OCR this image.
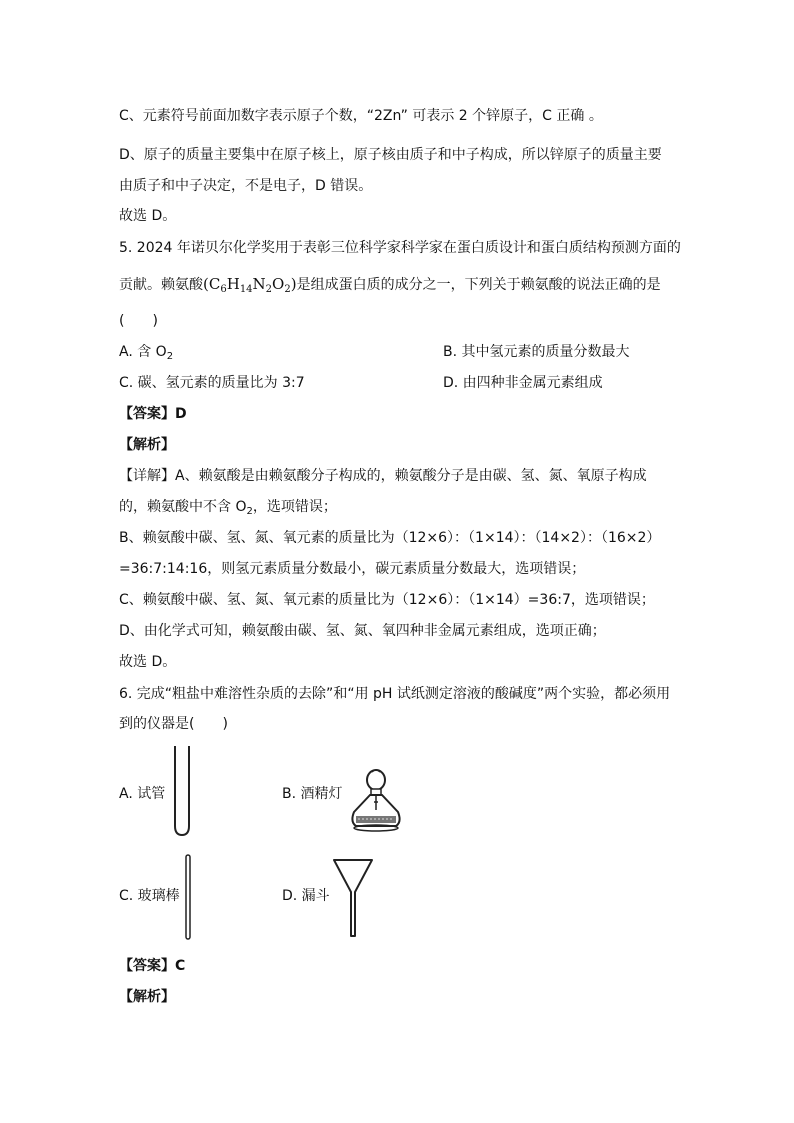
C、元素符号前面加数字表示原子个数，“2Zn” 可表示 2 个锌原子，C 正确 。
D、原子的质量主要集中在原子核上，原子核由质子和中子构成，所以锌原子的质量主要
由质子和中子决定，不是电子，D 错误。
故选 D。
5. 2024 年诺贝尔化学奖用于表彰三位科学家科学家在蛋白质设计和蛋白质结构预测方面的
贡献。赖氨酸$(C_6H_{14}N_2O_2)$是组成蛋白质的成分之一，下列关于赖氨酸的说法正确的是
(　　)
A. 含 $O_2$	B. 其中氢元素的质量分数最大
C. 碳、氢元素的质量比为 3:7	D. 由四种非金属元素组成
【答案】D
【解析】
【详解】A、赖氨酸是由赖氨酸分子构成的，赖氨酸分子是由碳、氢、氮、氧原子构成
的，赖氨酸中不含 $O_2$，选项错误；
B、赖氨酸中碳、氢、氮、氧元素的质量比为（12×6）：（1×14）：（14×2）：（16×2）
=36:7:14:16，则氢元素质量分数最小，碳元素质量分数最大，选项错误；
C、赖氨酸中碳、氢、氮、氧元素的质量比为（12×6）：（1×14）=36:7，选项错误；
D、由化学式可知，赖氨酸由碳、氢、氮、氧四种非金属元素组成，选项正确；
故选 D。
6. 完成“粗盐中难溶性杂质的去除”和“用 pH 试纸测定溶液的酸碱度”两个实验，都必须用
到的仪器是(　　)
A. 试管	B. 酒精灯
C. 玻璃棒	D. 漏斗
【答案】C
【解析】
